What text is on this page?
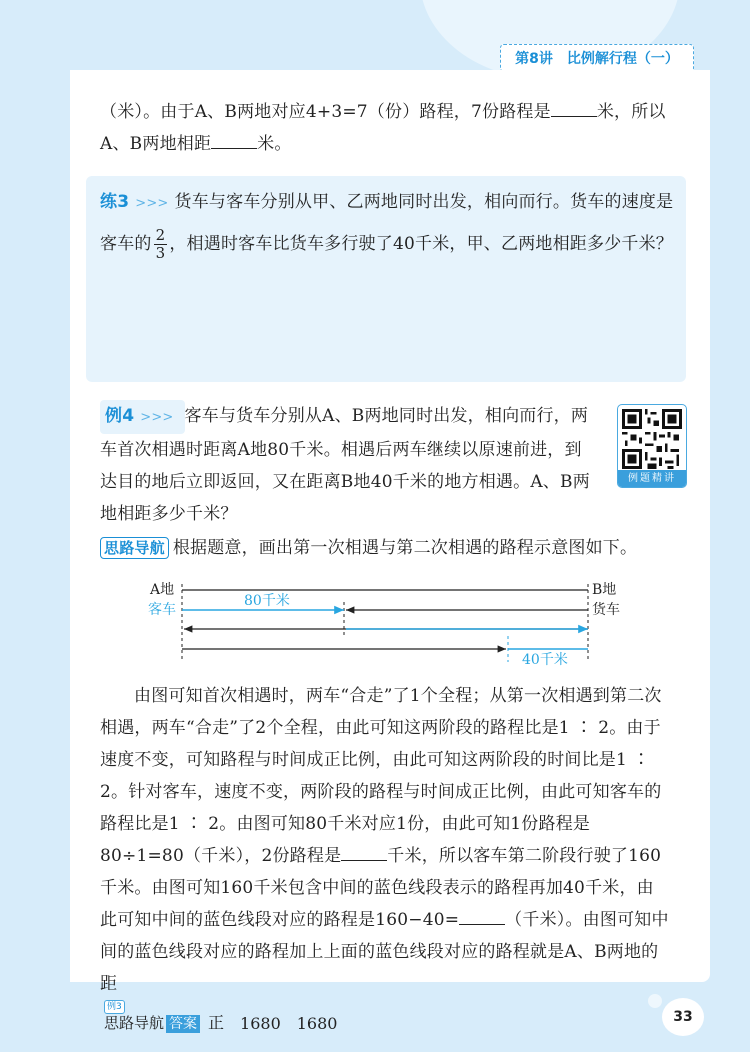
第8讲　比例解行程（一）
（米）。由于A、B两地对应4+3=7（份）路程，7份路程是	米，所以A、B两地相距	米。
练3 >>> 货车与客车分别从甲、乙两地同时出发，相向而行。货车的速度是客车的 $\frac{2}{3}$ ，相遇时客车比货车多行驶了40千米，甲、乙两地相距多少千米？
例4 >>> 客车与货车分别从A、B两地同时出发，相向而行，两车首次相遇时距离A地80千米。相遇后两车继续以原速前进，到达目的地后立即返回，又在距离B地40千米的地方相遇。A、B两地相距多少千米？
例题精讲
思路导航 根据题意，画出第一次相遇与第二次相遇的路程示意图如下。
A地	B地
客车	货车
80千米
40千米
由图可知首次相遇时，两车“合走”了1个全程；从第一次相遇到第二次相遇，两车“合走”了2个全程，由此可知这两阶段的路程比是1 ∶ 2。由于速度不变，可知路程与时间成正比例，由此可知这两阶段的时间比是1 ∶ 2。针对客车，速度不变，两阶段的路程与时间成正比例，由此可知客车的路程比是1 ∶ 2。由图可知80千米对应1份，由此可知1份路程是80÷1=80（千米），2份路程是	千米，所以客车第二阶段行驶了160千米。由图可知160千米包含中间的蓝色线段表示的路程再加40千米，由此可知中间的蓝色线段对应的路程是160−40=	（千米）。由图可知中间的蓝色线段对应的路程加上上面的蓝色线段对应的路程就是A、B两地的距
33
例3
思路导航 答案 正 1680 1680
